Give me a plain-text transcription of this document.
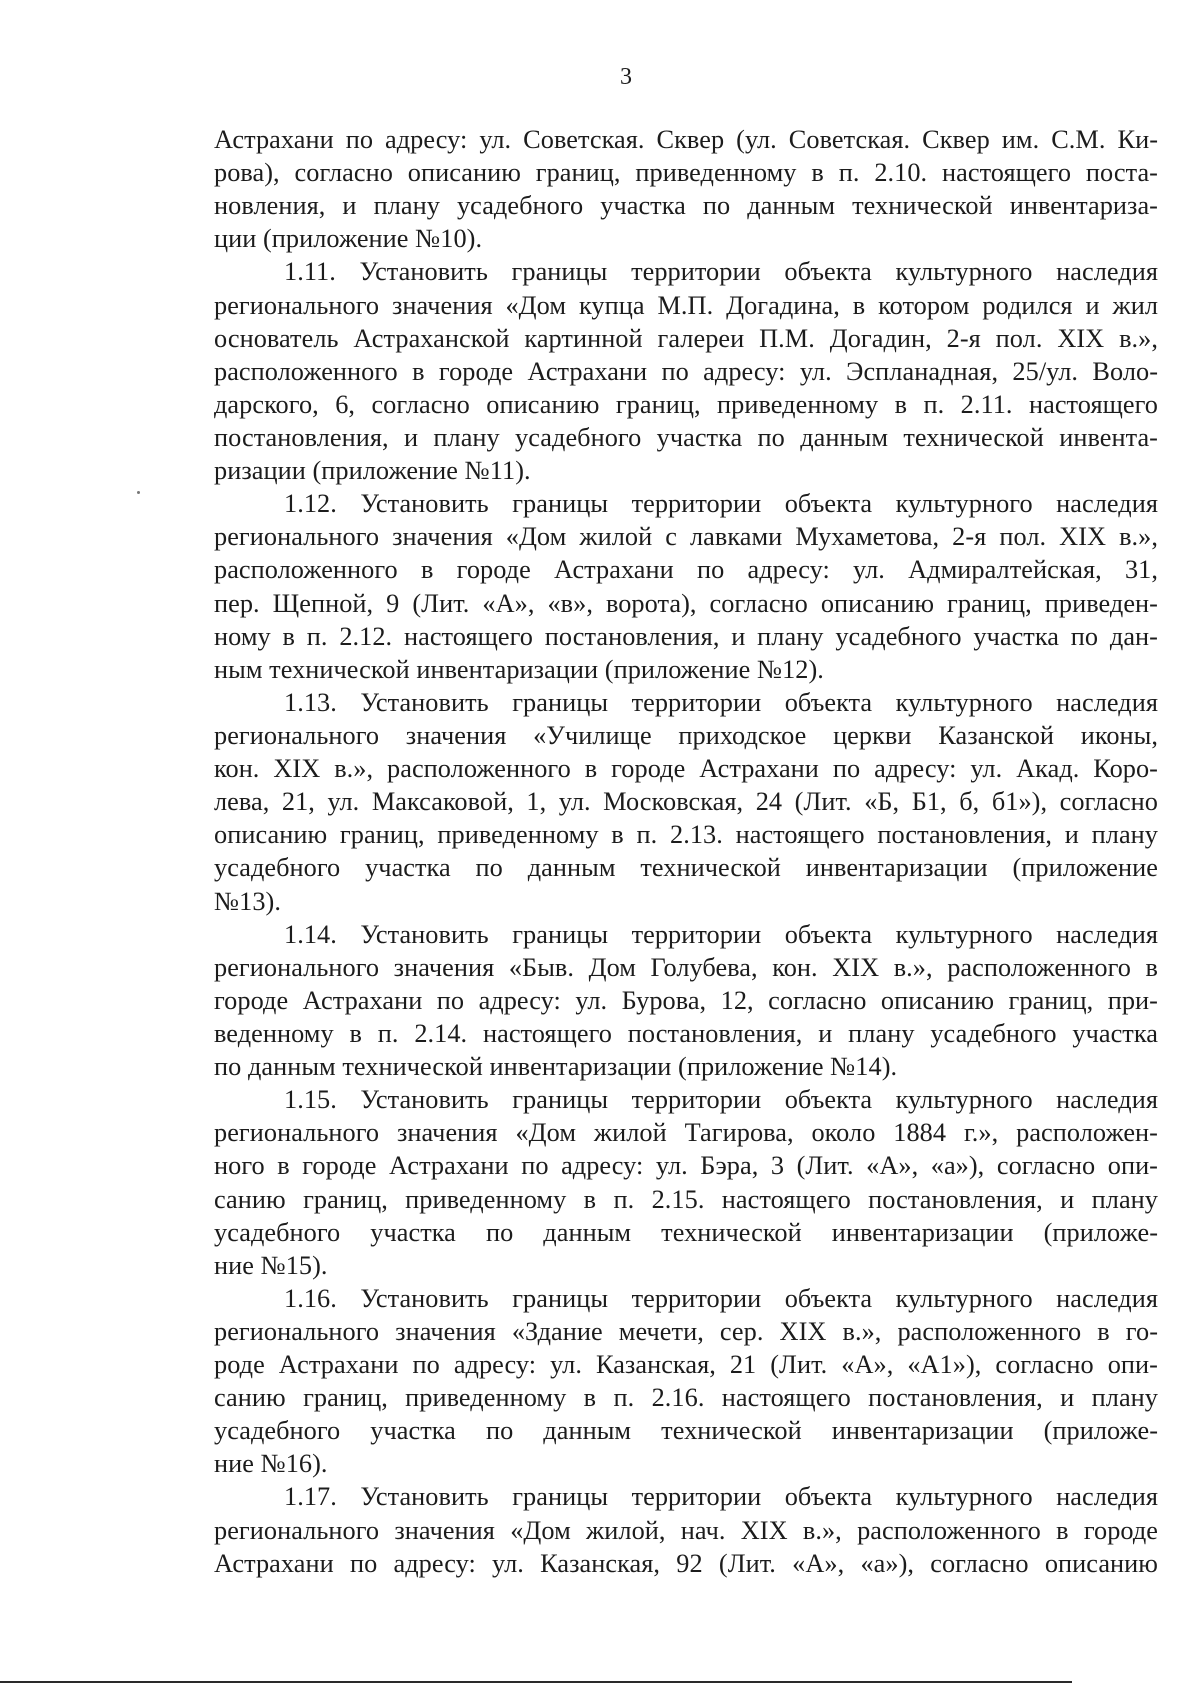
3
Астрахани по адресу: ул. Советская. Сквер (ул. Советская. Сквер им. С.М. Ки-
рова), согласно описанию границ, приведенному в п. 2.10. настоящего поста-
новления, и плану усадебного участка по данным технической инвентариза-
ции (приложение №10).
1.11. Установить границы территории объекта культурного наследия
регионального значения «Дом купца М.П. Догадина, в котором родился и жил
основатель Астраханской картинной галереи П.М. Догадин, 2-я пол. XIX в.»,
расположенного в городе Астрахани по адресу: ул. Эспланадная, 25/ул. Воло-
дарского, 6, согласно описанию границ, приведенному в п. 2.11. настоящего
постановления, и плану усадебного участка по данным технической инвента-
ризации (приложение №11).
1.12. Установить границы территории объекта культурного наследия
регионального значения «Дом жилой с лавками Мухаметова, 2-я пол. XIX в.»,
расположенного в городе Астрахани по адресу: ул. Адмиралтейская, 31,
пер. Щепной, 9 (Лит. «А», «в», ворота), согласно описанию границ, приведен-
ному в п. 2.12. настоящего постановления, и плану усадебного участка по дан-
ным технической инвентаризации (приложение №12).
1.13. Установить границы территории объекта культурного наследия
регионального значения «Училище приходское церкви Казанской иконы,
кон. XIX в.», расположенного в городе Астрахани по адресу: ул. Акад. Коро-
лева, 21, ул. Максаковой, 1, ул. Московская, 24 (Лит. «Б, Б1, б, б1»), согласно
описанию границ, приведенному в п. 2.13. настоящего постановления, и плану
усадебного участка по данным технической инвентаризации (приложение
№13).
1.14. Установить границы территории объекта культурного наследия
регионального значения «Быв. Дом Голубева, кон. XIX в.», расположенного в
городе Астрахани по адресу: ул. Бурова, 12, согласно описанию границ, при-
веденному в п. 2.14. настоящего постановления, и плану усадебного участка
по данным технической инвентаризации (приложение №14).
1.15. Установить границы территории объекта культурного наследия
регионального значения «Дом жилой Тагирова, около 1884 г.», расположен-
ного в городе Астрахани по адресу: ул. Бэра, 3 (Лит. «А», «а»), согласно опи-
санию границ, приведенному в п. 2.15. настоящего постановления, и плану
усадебного участка по данным технической инвентаризации (приложе-
ние №15).
1.16. Установить границы территории объекта культурного наследия
регионального значения «Здание мечети, сер. XIX в.», расположенного в го-
роде Астрахани по адресу: ул. Казанская, 21 (Лит. «А», «А1»), согласно опи-
санию границ, приведенному в п. 2.16. настоящего постановления, и плану
усадебного участка по данным технической инвентаризации (приложе-
ние №16).
1.17. Установить границы территории объекта культурного наследия
регионального значения «Дом жилой, нач. XIX в.», расположенного в городе
Астрахани по адресу: ул. Казанская, 92 (Лит. «А», «а»), согласно описанию
